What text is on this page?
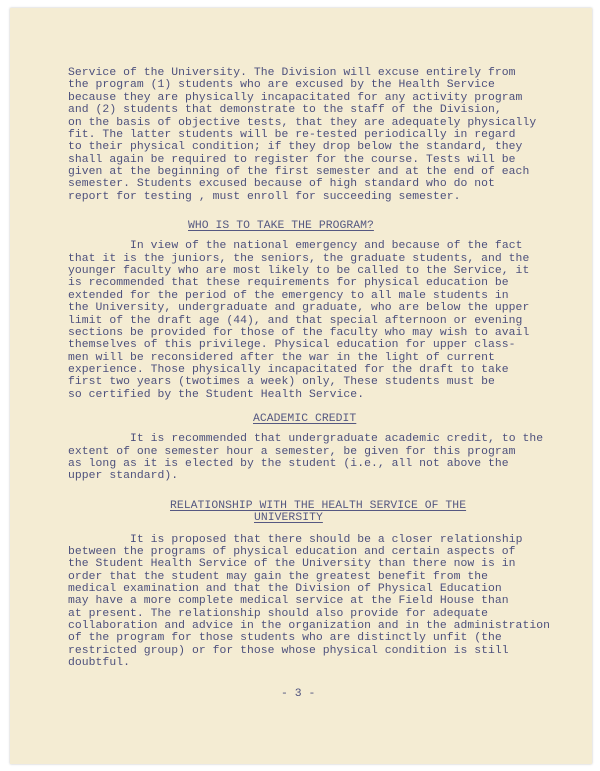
Service of the University. The Division will excuse entirely from
the program (1) students who are excused by the Health Service
because they are physically incapacitated for any activity program
and (2) students that demonstrate to the staff of the Division,
on the basis of objective tests, that they are adequately physically
fit. The latter students will be re-tested periodically in regard
to their physical condition; if they drop below the standard, they
shall again be required to register for the course. Tests will be
given at the beginning of the first semester and at the end of each
semester. Students excused because of high standard who do not
report for testing , must enroll for succeeding semester.
WHO IS TO TAKE THE PROGRAM?
In view of the national emergency and because of the fact
that it is the juniors, the seniors, the graduate students, and the
younger faculty who are most likely to be called to the Service, it
is recommended that these requirements for physical education be
extended for the period of the emergency to all male students in
the University, undergraduate and graduate, who are below the upper
limit of the draft age (44), and that special afternoon or evening
sections be provided for those of the faculty who may wish to avail
themselves of this privilege. Physical education for upper class-
men will be reconsidered after the war in the light of current
experience. Those physically incapacitated for the draft to take
first two years (twotimes a week) only, These students must be
so certified by the Student Health Service.
ACADEMIC CREDIT
It is recommended that undergraduate academic credit, to the
extent of one semester hour a semester, be given for this program
as long as it is elected by the student (i.e., all not above the
upper standard).
RELATIONSHIP WITH THE HEALTH SERVICE OF THE
UNIVERSITY
It is proposed that there should be a closer relationship
between the programs of physical education and certain aspects of
the Student Health Service of the University than there now is in
order that the student may gain the greatest benefit from the
medical examination and that the Division of Physical Education
may have a more complete medical service at the Field House than
at present. The relationship should also provide for adequate
collaboration and advice in the organization and in the administration
of the program for those students who are distinctly unfit (the
restricted group) or for those whose physical condition is still
doubtful.
- 3 -
